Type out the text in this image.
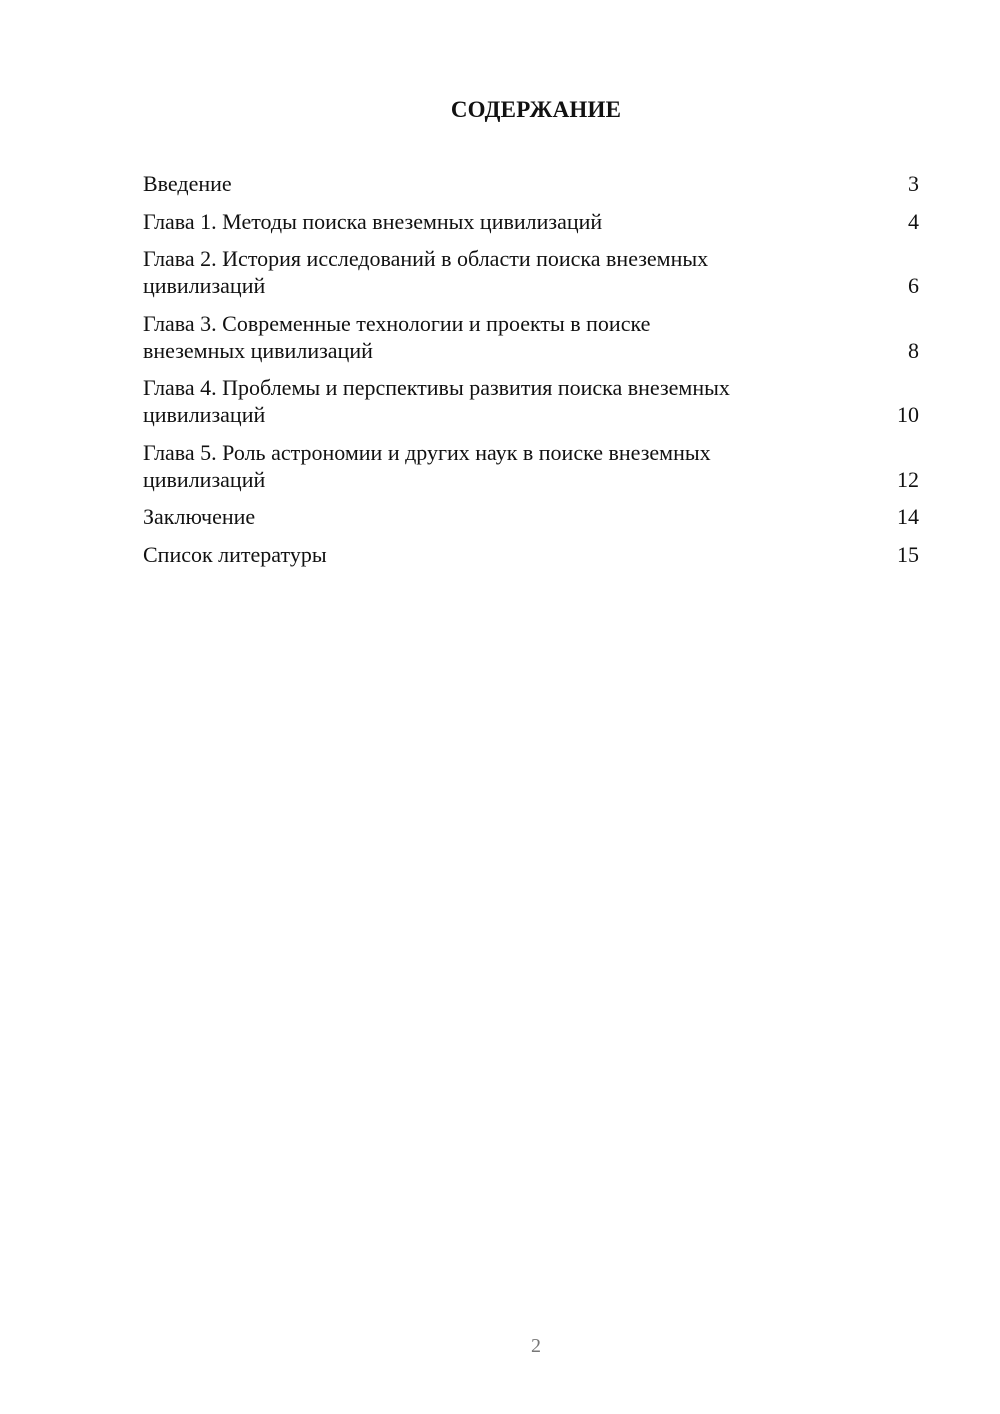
СОДЕРЖАНИЕ
Введение	3
Глава 1. Методы поиска внеземных цивилизаций	4
Глава 2. История исследований в области поиска внеземных
цивилизаций	6
Глава 3. Современные технологии и проекты в поиске
внеземных цивилизаций	8
Глава 4. Проблемы и перспективы развития поиска внеземных
цивилизаций	10
Глава 5. Роль астрономии и других наук в поиске внеземных
цивилизаций	12
Заключение	14
Список литературы	15
2
